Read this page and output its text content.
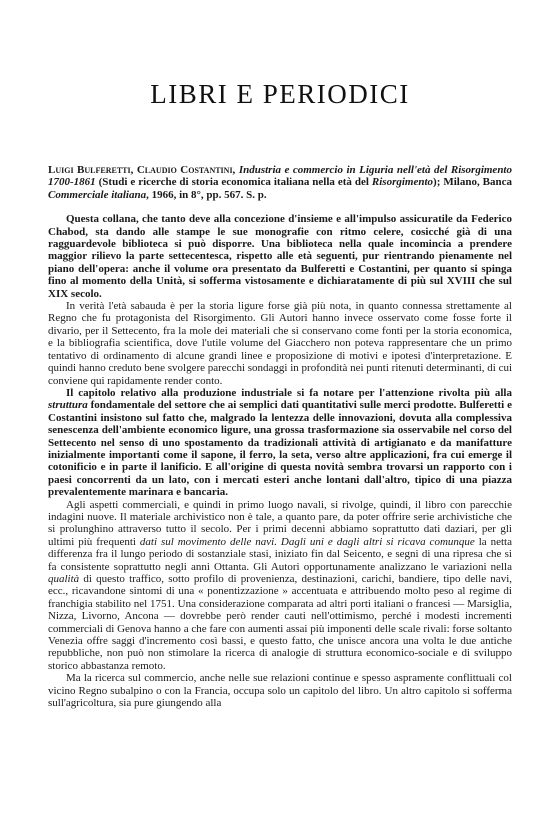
LIBRI E PERIODICI
Luigi Bulferetti, Claudio Costantini, Industria e commercio in Liguria nell'età del Risorgimento 1700-1861 (Studi e ricerche di storia economica italiana nella età del Risorgimento); Milano, Banca Commerciale italiana, 1966, in 8°, pp. 567. S. p.

Questa collana, che tanto deve alla concezione d'insieme e all'impulso assicuratile da Federico Chabod, sta dando alle stampe le sue monografie con ritmo celere, cosicché già di una ragguardevole biblioteca si può disporre. Una biblioteca nella quale incomincia a prendere maggior rilievo la parte settecentesca, rispetto alle età seguenti, pur rientrando pienamente nel piano dell'opera: anche il volume ora presentato da Bulferetti e Costantini, per quanto si spinga fino al momento della Unità, si soffermа vistosamente e dichiaratamente di più sul XVIII che sul XIX secolo.

In verità l'età sabauda è per la storia ligure forse già più nota, in quanto connessa strettamente al Regno che fu protagonista del Risorgimento. Gli Autori hanno invece osservato come fosse forte il divario, per il Settecento, fra la mole dei materiali che si conservano come fonti per la storia economica, e la bibliografia scientifica, dove l'utile volume del Giacchero non poteva rappresentare che un primo tentativo di ordinamento di alcune grandi linee e proposizione di motivi e ipotesi d'interpretazione. E quindi hanno creduto bene svolgere parecchi sondaggi in profondità nei punti ritenuti determinanti, di cui conviene qui rapidamente render conto.

Il capitolo relativo alla produzione industriale si fa notare per l'attenzione rivolta più alla struttura fondamentale del settore che ai semplici dati quantitativi sulle merci prodotte. Bulferetti e Costantini insistono sul fatto che, malgrado la lentezza delle innovazioni, dovuta alla complessiva senescenza dell'ambiente economico ligure, una grossa trasformazione sia osservabile nel corso del Settecento nel senso di uno spostamento da tradizionali attività di artigianato e da manifatture inizialmente importanti come il sapone, il ferro, la seta, verso altre applicazioni, fra cui emerge il cotonificio e in parte il lanificio. E all'origine di questa novità sembra trovarsi un rapporto con i paesi concorrenti da un lato, con i mercati esteri anche lontani dall'altro, tipico di una piazza prevalentemente marinara e bancaria.

Agli aspetti commerciali, e quindi in primo luogo navali, si rivolge, quindi, il libro con parecchie indagini nuove. Il materiale archivistico non è tale, a quanto pare, da poter offrire serie archivistiche che si prolunghino attraverso tutto il secolo. Per i primi decenni abbiamo soprattutto dati daziari, per gli ultimi più frequenti dati sul movimento delle navi. Dagli uni e dagli altri si ricava comunque la netta differenza fra il lungo periodo di sostanziale stasi, iniziato fin dal Seicento, e segni di una ripresa che si fa consistente soprattutto negli anni Ottanta. Gli Autori opportunamente analizzano le variazioni nella qualità di questo traffico, sotto profilo di provenienza, destinazioni, carichi, bandiere, tipo delle navi, ecc., ricavandone sintomi di una « ponentizzazione » accentuata e attribuendo molto peso al regime di franchigia stabilito nel 1751. Una considerazione comparata ad altri porti italiani o francesi — Marsiglia, Nizza, Livorno, Ancona — dovrebbe però render cauti nell'ottimismo, perché i modesti incrementi commerciali di Genova hanno a che fare con aumenti assai più imponenti delle scale rivali: forse soltanto Venezia offre saggi d'incremento così bassi, e questo fatto, che unisce ancora una volta le due antiche repubbliche, non può non stimolare la ricerca di analogie di struttura economico-sociale e di sviluppo storico abbastanza remoto.

Ma la ricerca sul commercio, anche nelle sue relazioni continue e spesso aspramente conflittuali col vicino Regno subalpino o con la Francia, occupa solo un capitolo del libro. Un altro capitolo si sofferma sull'agricoltura, sia pure giungendo alla
